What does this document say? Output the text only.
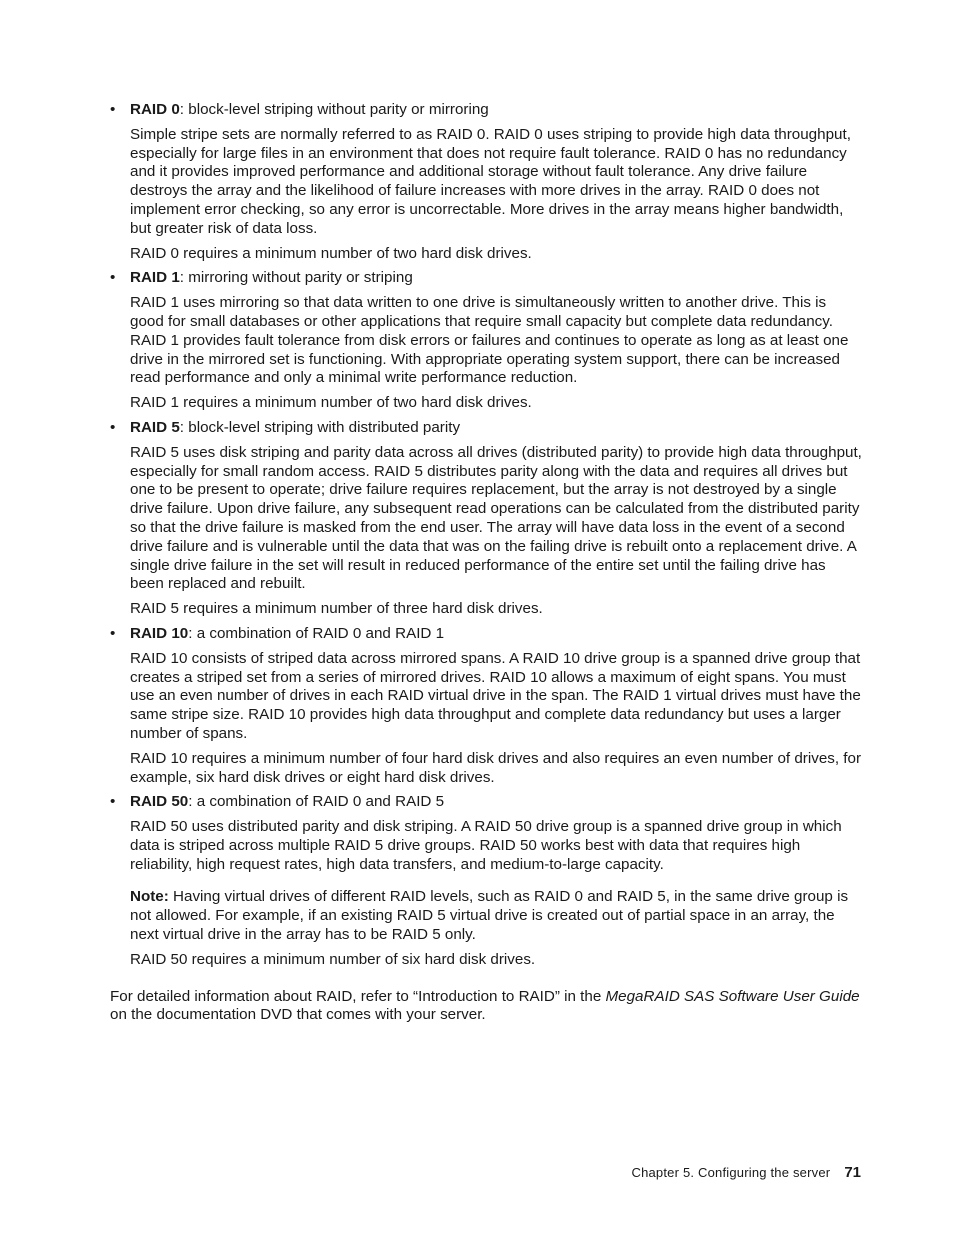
• RAID 0: block-level striping without parity or mirroring

Simple stripe sets are normally referred to as RAID 0. RAID 0 uses striping to provide high data throughput, especially for large files in an environment that does not require fault tolerance. RAID 0 has no redundancy and it provides improved performance and additional storage without fault tolerance. Any drive failure destroys the array and the likelihood of failure increases with more drives in the array. RAID 0 does not implement error checking, so any error is uncorrectable. More drives in the array means higher bandwidth, but greater risk of data loss.

RAID 0 requires a minimum number of two hard disk drives.

• RAID 1: mirroring without parity or striping

RAID 1 uses mirroring so that data written to one drive is simultaneously written to another drive. This is good for small databases or other applications that require small capacity but complete data redundancy. RAID 1 provides fault tolerance from disk errors or failures and continues to operate as long as at least one drive in the mirrored set is functioning. With appropriate operating system support, there can be increased read performance and only a minimal write performance reduction.

RAID 1 requires a minimum number of two hard disk drives.

• RAID 5: block-level striping with distributed parity

RAID 5 uses disk striping and parity data across all drives (distributed parity) to provide high data throughput, especially for small random access. RAID 5 distributes parity along with the data and requires all drives but one to be present to operate; drive failure requires replacement, but the array is not destroyed by a single drive failure. Upon drive failure, any subsequent read operations can be calculated from the distributed parity so that the drive failure is masked from the end user. The array will have data loss in the event of a second drive failure and is vulnerable until the data that was on the failing drive is rebuilt onto a replacement drive. A single drive failure in the set will result in reduced performance of the entire set until the failing drive has been replaced and rebuilt.

RAID 5 requires a minimum number of three hard disk drives.

• RAID 10: a combination of RAID 0 and RAID 1

RAID 10 consists of striped data across mirrored spans. A RAID 10 drive group is a spanned drive group that creates a striped set from a series of mirrored drives. RAID 10 allows a maximum of eight spans. You must use an even number of drives in each RAID virtual drive in the span. The RAID 1 virtual drives must have the same stripe size. RAID 10 provides high data throughput and complete data redundancy but uses a larger number of spans.

RAID 10 requires a minimum number of four hard disk drives and also requires an even number of drives, for example, six hard disk drives or eight hard disk drives.

• RAID 50: a combination of RAID 0 and RAID 5

RAID 50 uses distributed parity and disk striping. A RAID 50 drive group is a spanned drive group in which data is striped across multiple RAID 5 drive groups. RAID 50 works best with data that requires high reliability, high request rates, high data transfers, and medium-to-large capacity.

Note: Having virtual drives of different RAID levels, such as RAID 0 and RAID 5, in the same drive group is not allowed. For example, if an existing RAID 5 virtual drive is created out of partial space in an array, the next virtual drive in the array has to be RAID 5 only.

RAID 50 requires a minimum number of six hard disk drives.

For detailed information about RAID, refer to “Introduction to RAID” in the MegaRAID SAS Software User Guide on the documentation DVD that comes with your server.

Chapter 5. Configuring the server 71
